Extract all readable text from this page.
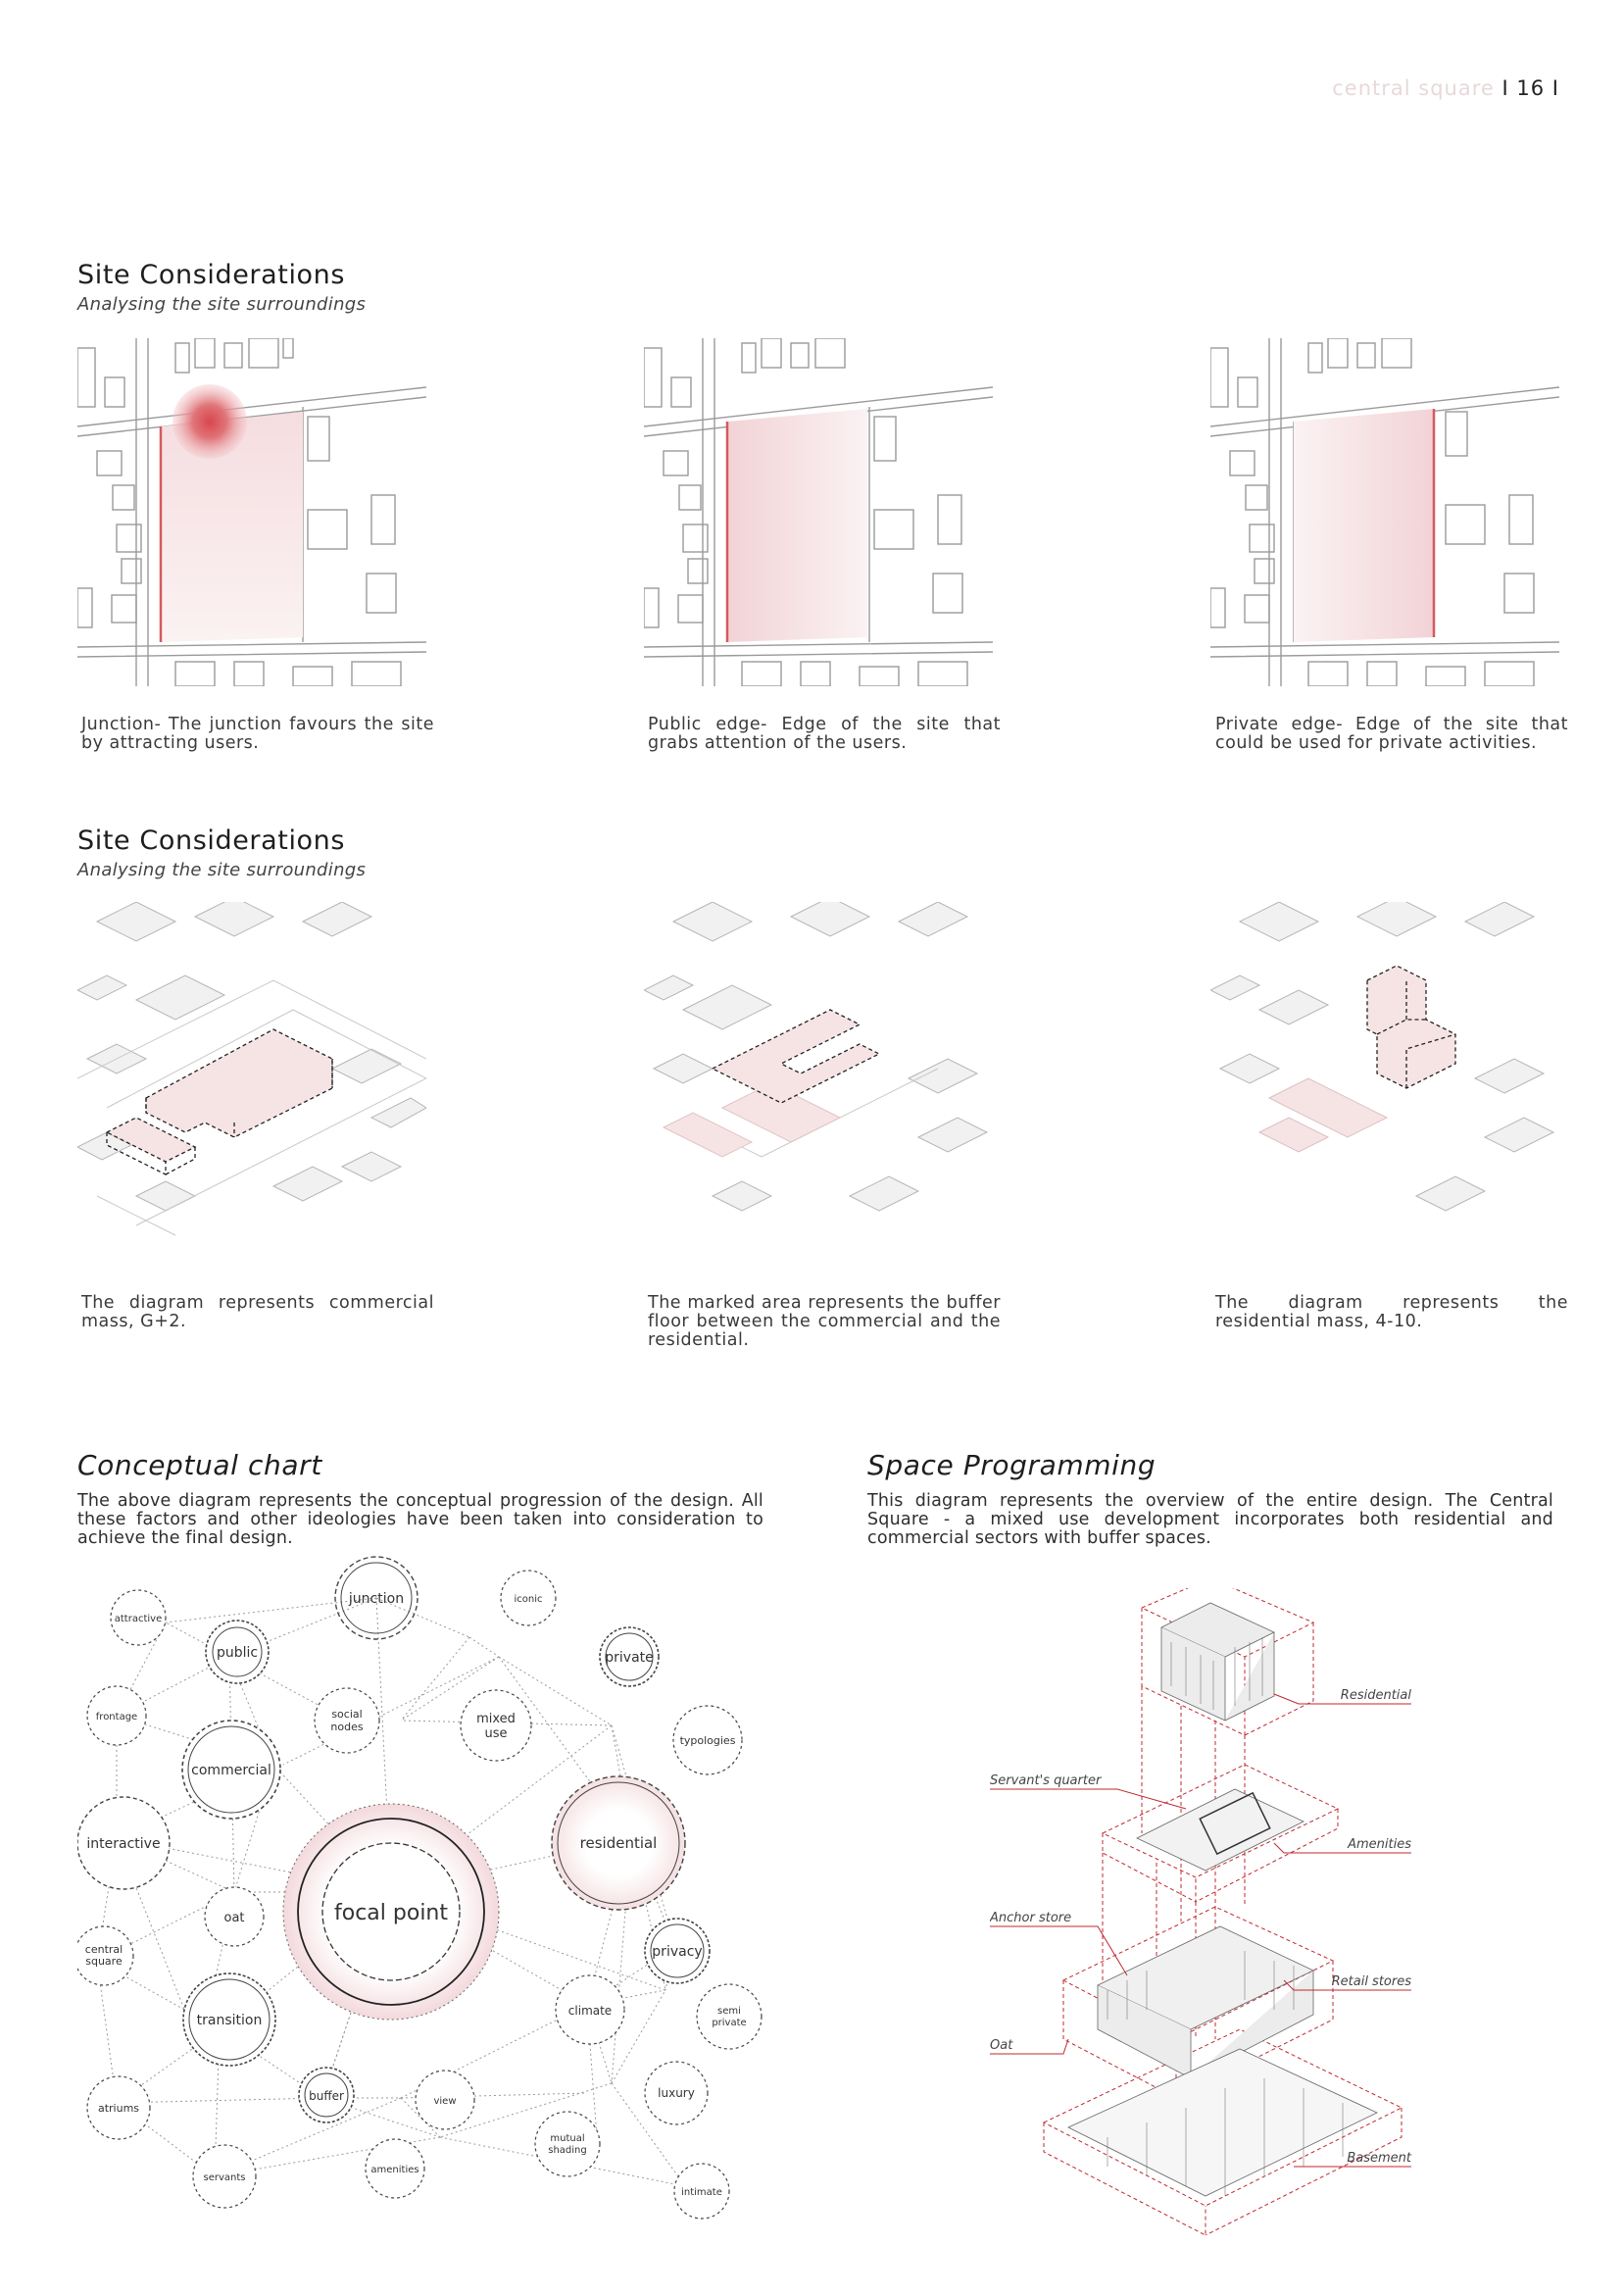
central square I 16 I
Site Considerations
Analysing the site surroundings
Junction- The junction favours the site by attracting users.
Public edge- Edge of the site that grabs attention of the users.
Private edge- Edge of the site that could be used for private activities.
Site Considerations
Analysing the site surroundings
The diagram represents commercial mass, G+2.
The marked area represents the buffer floor between the commercial and the residential.
The diagram represents the residential mass, 4-10.
Conceptual chart
The above diagram represents the conceptual progression of the design. All these factors and other ideologies have been taken into consideration to achieve the final design.
junction	iconic
attractive
public	private
frontage	social
nodes
mixed
use	typologies
commercial
residential
interactive
oat	focal point
central
square
privacy
transition
climate	semi
private
buffer	luxury
view
atriums
mutual
shading
amenities
servants
intimate
Space Programming
This diagram represents the overview of the entire design. The Central Square - a mixed use development incorporates both residential and commercial sectors with buffer spaces.
Residential
Servant's quarter
Amenities
Anchor store
Retail stores
Oat
Basement
